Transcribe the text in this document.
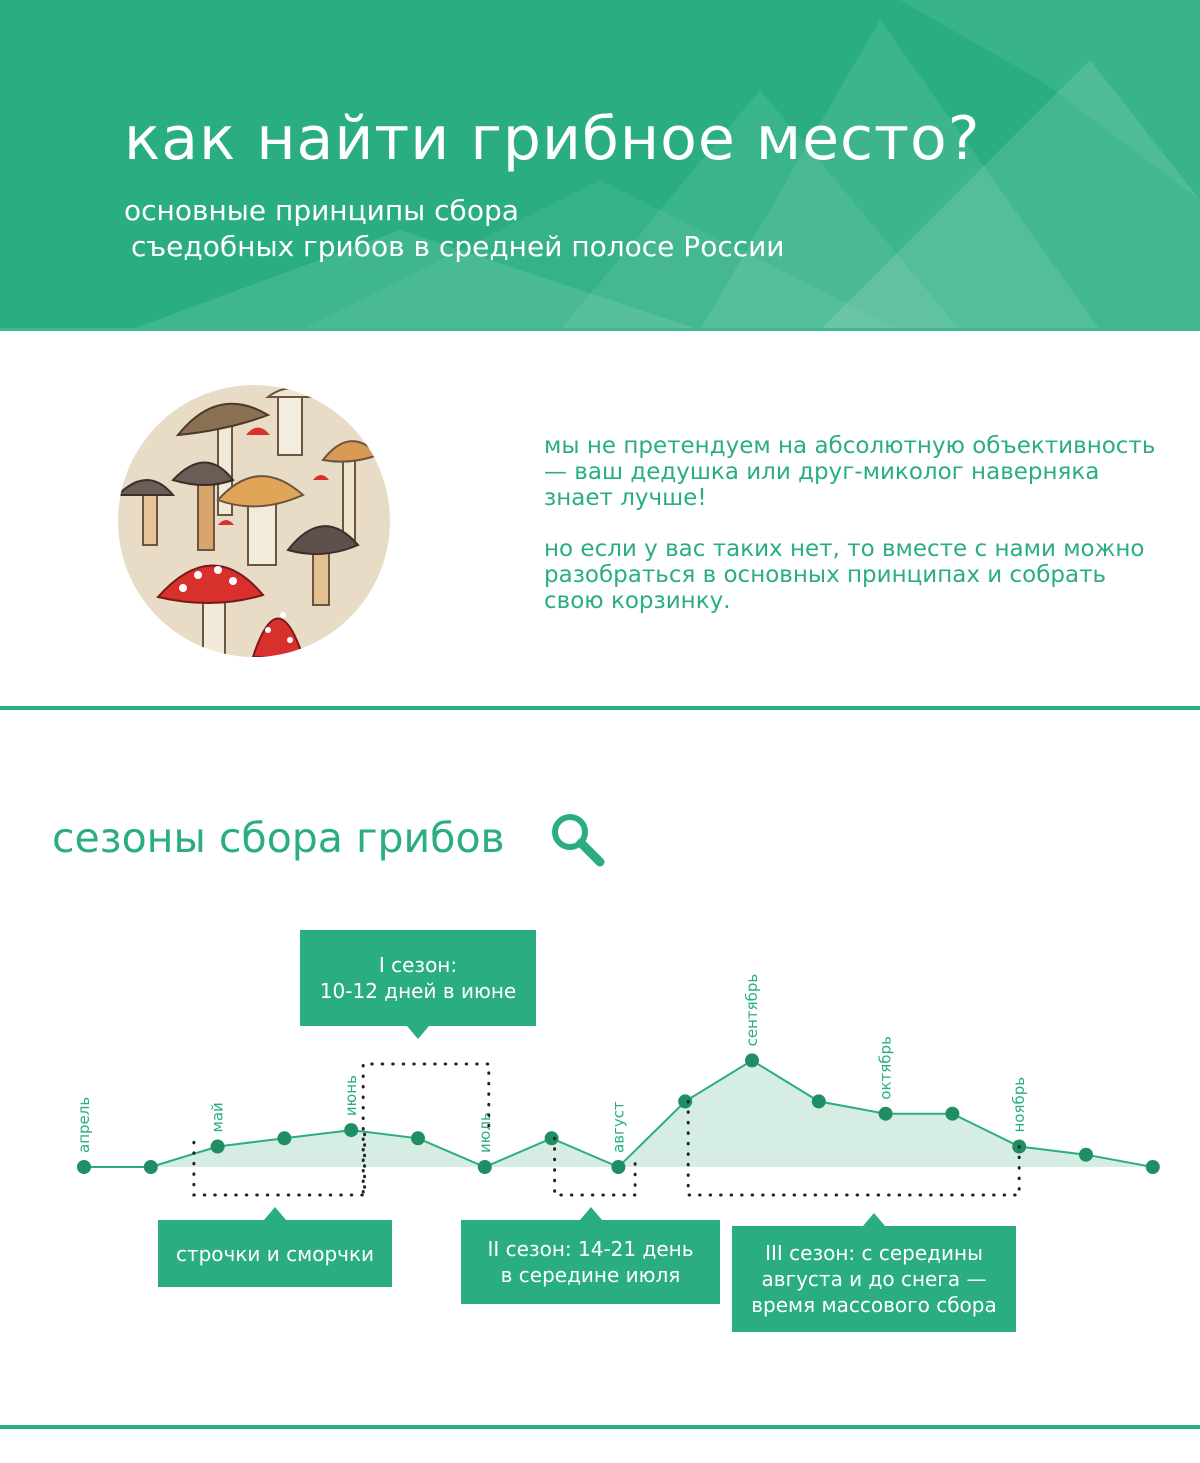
как найти грибное место?
основные принципы сбора
съедобных грибов в средней полосе России

мы не претендуем на абсолютную объективность — ваш дедушка или друг-миколог наверняка знает лучше!

но если у вас таких нет, то вместе с нами можно разобраться в основных принципах и собрать свою корзинку.

сезоны сбора грибов
апрель	май
июнь
июль	август
сентябрь
октябрь
ноябрь
I сезон:
10-12 дней в июне
строчки и сморчки	II сезон: 14-21 день
в середине июля
III сезон: с середины
августа и до снега —
время массового сбора
